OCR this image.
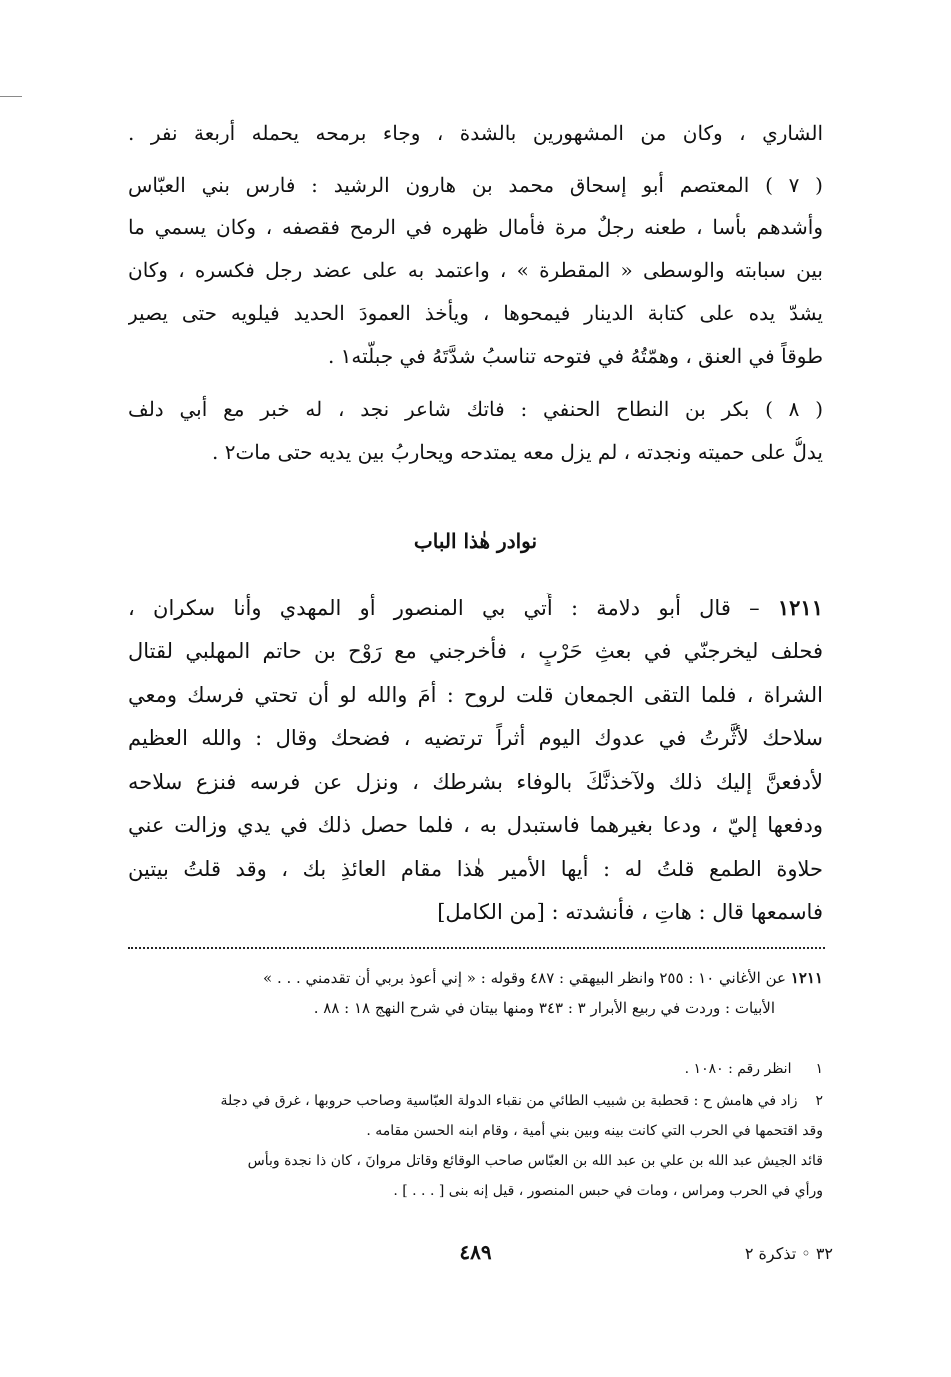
الشاري ، وكان من المشهورين بالشدة ، وجاء برمحه يحمله أربعة نفر .
( ٧ ) المعتصم أبو إسحاق محمد بن هارون الرشيد : فارس بني العبّاس
وأشدهم بأسا ، طعنه رجلٌ مرة فأمال ظهره في الرمح فقصفه ، وكان يسمي ما
بين سبابته والوسطى « المقطرة » ، واعتمد به على عضد رجل فكسره ، وكان
يشدّ يده على كتابة الدينار فيمحوها ، ويأخذ العمودَ الحديد فيلويه حتى يصير
طوقاً في العنق ، وهمّتُهُ في فتوحه تناسبُ شدَّتَهُ في جبلّته١ .
( ٨ ) بكر بن النطاح الحنفي : فاتك شاعر نجد ، له خبر مع أبي دلف
يدلُّ على حميته ونجدته ، لم يزل معه يمتدحه ويحاربُ بين يديه حتى مات٢ .
نوادر هٰذا الباب
١٢١١ – قال أبو دلامة : أُتي بي المنصور أو المهدي وأنا سكران ،
فحلف ليخرجنّي في بعثِ حَرْبٍ ، فأخرجني مع رَوْح بن حاتم المهلبي لقتال
الشراة ، فلما التقى الجمعان قلت لروح : أمَ والله لو أن تحتي فرسك ومعي
سلاحك لأثَّرتُ في عدوك اليوم أثراً ترتضيه ، فضحك وقال : والله العظيم
لأدفعنَّ إليك ذلك ولآخذنَّكَ بالوفاء بشرطك ، ونزل عن فرسه فنزع سلاحه
ودفعها إليّ ، ودعا بغيرهما فاستبدل به ، فلما حصل ذلك في يدي وزالت عني
حلاوة الطمع قلتُ له : أيها الأمير هٰذا مقام العائذِ بك ، وقد قلتُ بيتين
فاسمعها قال : هاتِ ، فأنشدته : [من الكامل]
١٢١١ عن الأغاني ١٠ : ٢٥٥ وانظر البيهقي : ٤٨٧ وقوله : « إني أعوذ بربي أن تقدمني . . . »
الأبيات : وردت في ربيع الأبرار ٣ : ٣٤٣ ومنها بيتان في شرح النهج ١٨ : ٨٨ .
١انظر رقم : ١٠٨٠ .
٢زاد في هامش ح : قحطبة بن شبيب الطائي من نقباء الدولة العبّاسية وصاحب حروبها ، غرق في دجلة
وقد اقتحمها في الحرب التي كانت بينه وبين بني أمية ، وقام ابنه الحسن مقامه .
قائد الجيش عبد الله بن علي بن عبد الله بن العبّاس صاحب الوقائع وقاتل مروانَ ، كان ذا نجدة وبأس
ورأي في الحرب ومراس ، ومات في حبس المنصور ، قيل إنه بنى [ . . . ] .
٤٨٩	٣٢ ◦ تذكرة ٢
